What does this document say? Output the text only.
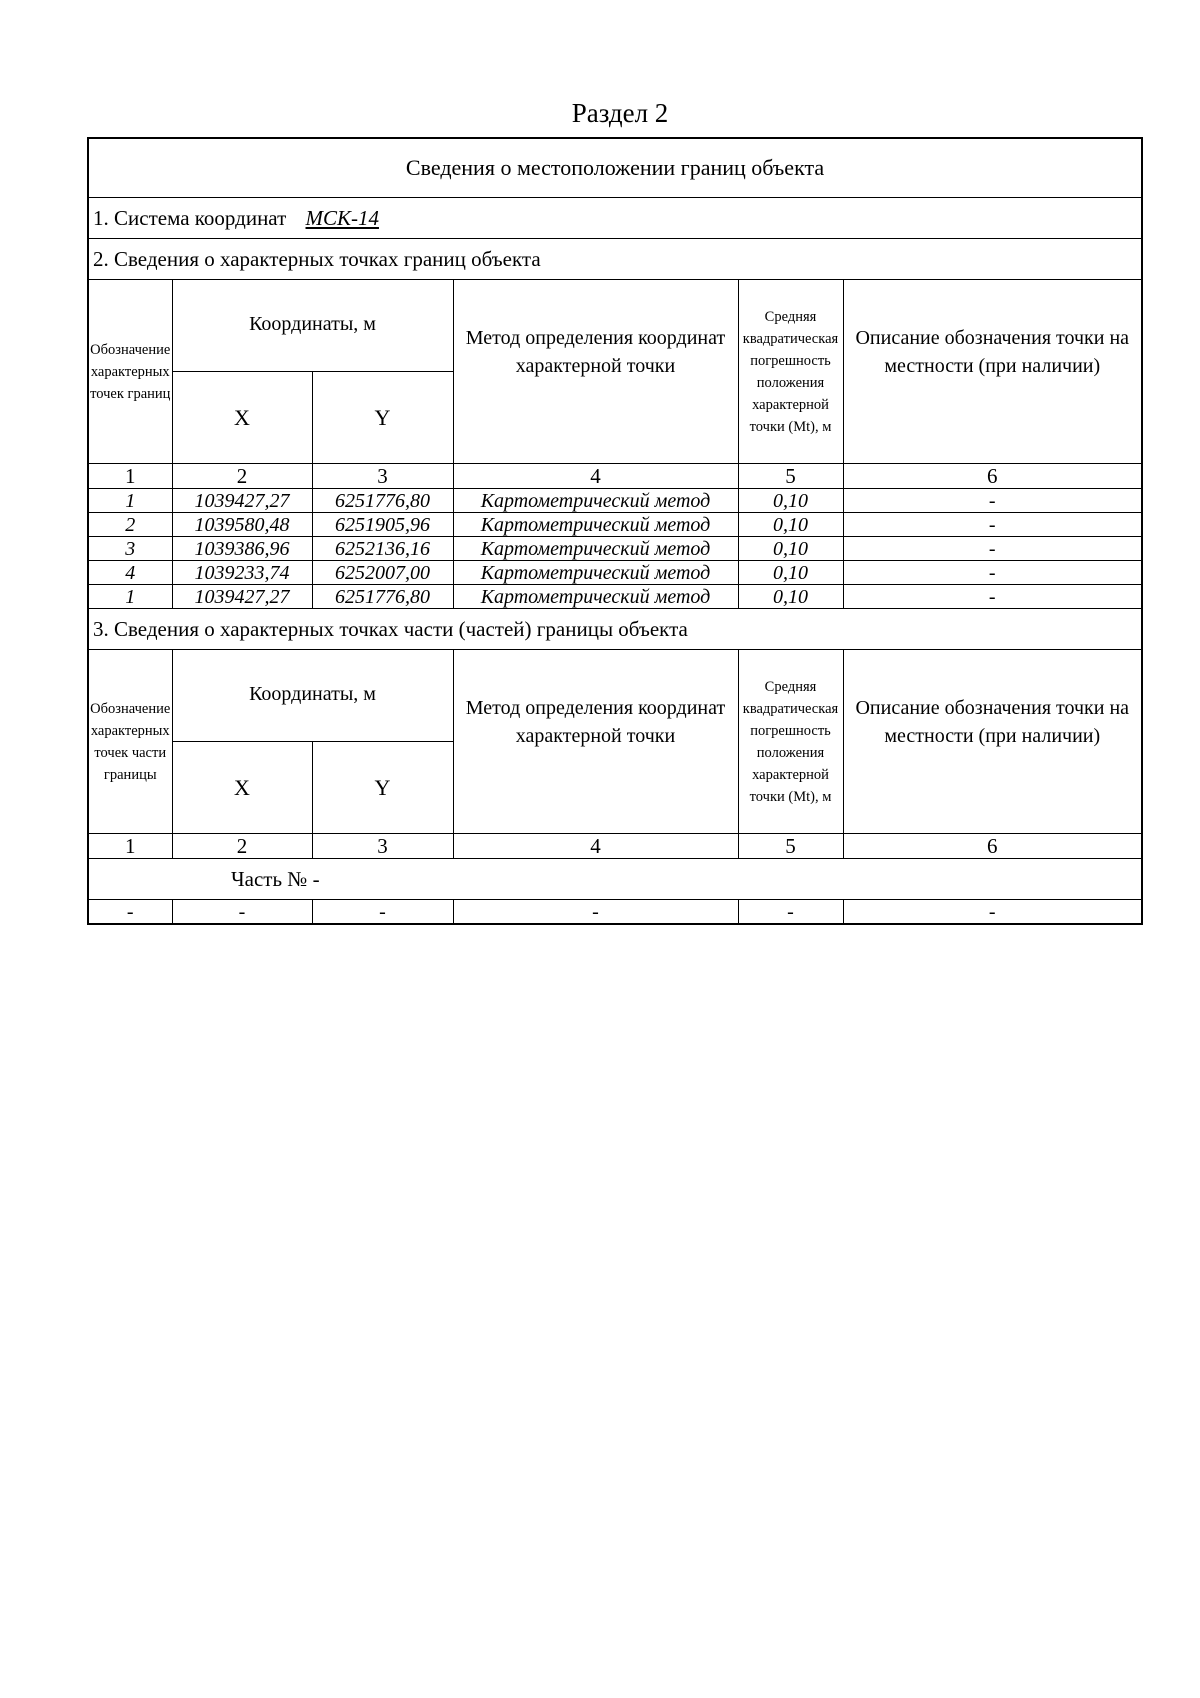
Раздел 2
Сведения о местоположении границ объекта					
1. Система координат МСК-14					
2. Сведения о характерных точках границ объекта					
Обозначение характерных точек границ	Координаты, м		Метод определения координат характерной точки	Средняя квадратическая погрешность положения характерной точки (Mt), м	Описание обозначения точки на местности (при наличии)
	X	Y			
1	2	3	4	5	6
1	1039427,27	6251776,80	Картометрический метод	0,10	-
2	1039580,48	6251905,96	Картометрический метод	0,10	-
3	1039386,96	6252136,16	Картометрический метод	0,10	-
4	1039233,74	6252007,00	Картометрический метод	0,10	-
1	1039427,27	6251776,80	Картометрический метод	0,10	-
3. Сведения о характерных точках части (частей) границы объекта					
Обозначение характерных точек части границы	Координаты, м		Метод определения координат характерной точки	Средняя квадратическая погрешность положения характерной точки (Mt), м	Описание обозначения точки на местности (при наличии)
	X	Y			
1	2	3	4	5	6
Часть № -					
-	-	-	-	-	-
